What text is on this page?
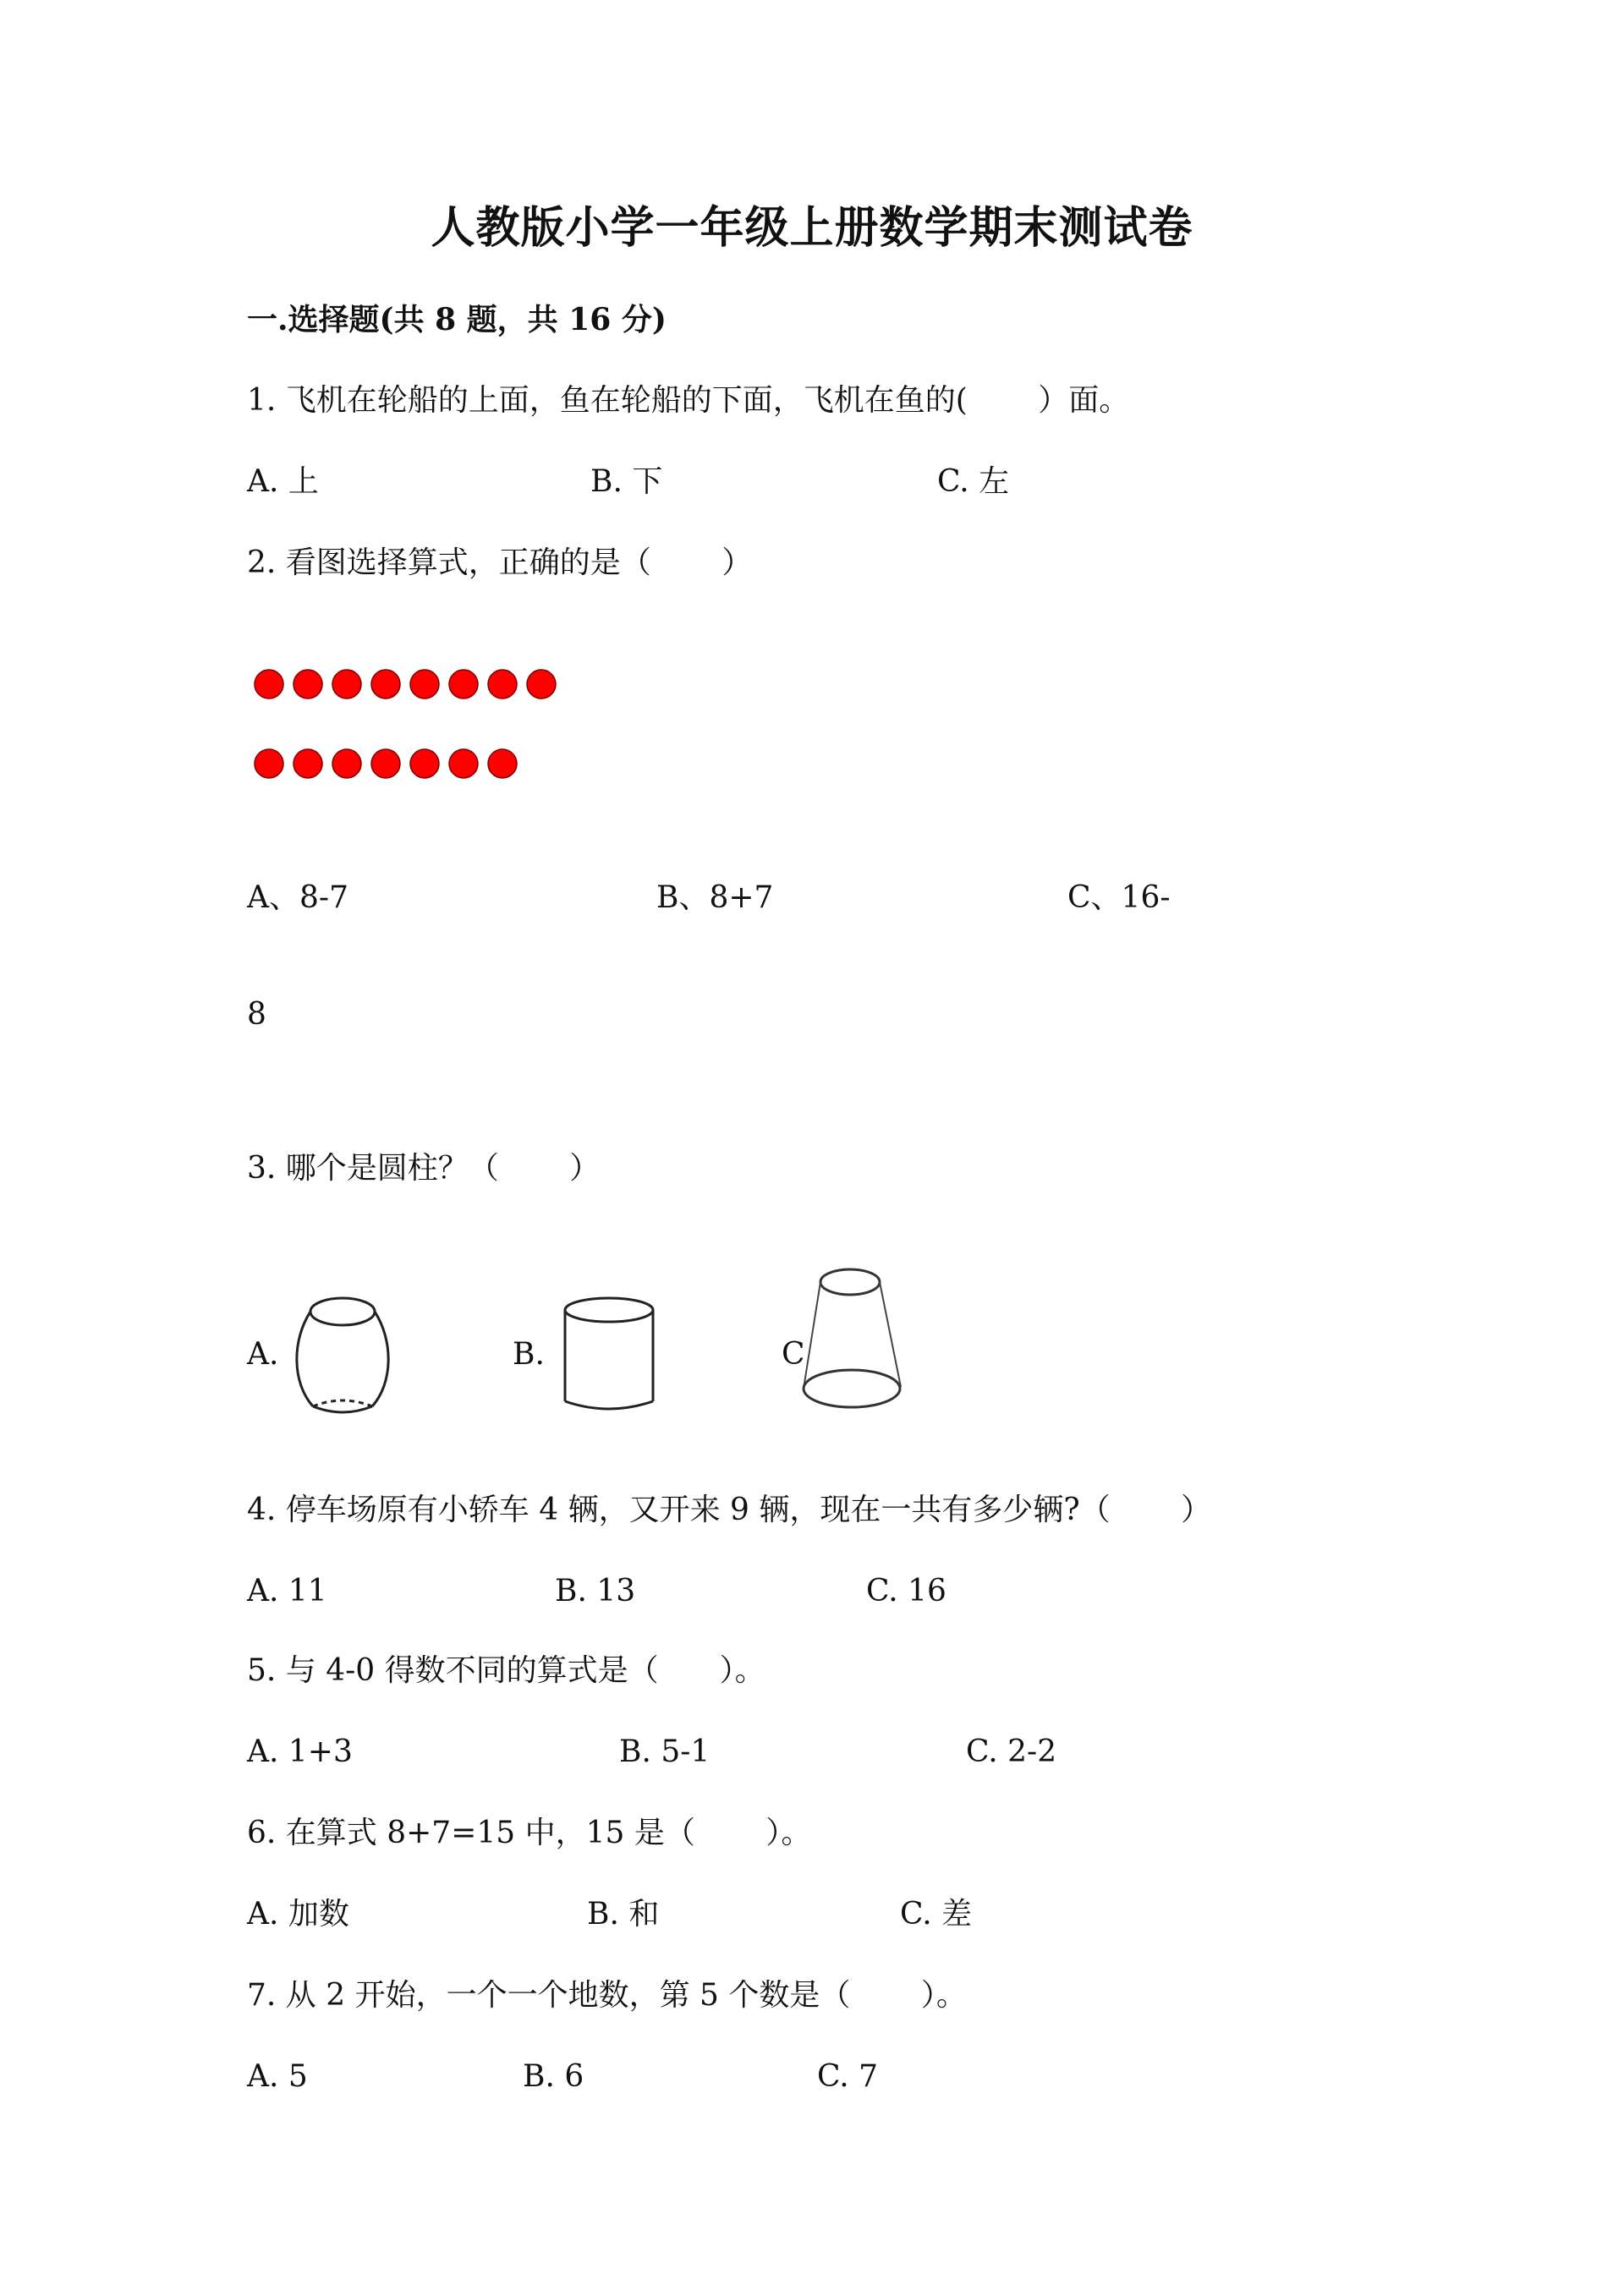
人教版小学一年级上册数学期末测试卷
一.选择题(共 8 题，共 16 分)
1. 飞机在轮船的上面，鱼在轮船的下面，飞机在鱼的(　　 ）面。
A. 上	B. 下	C. 左
2. 看图选择算式，正确的是（　　 ）
A、8-7	B、8+7	C、16-
8
3. 哪个是圆柱？（　　 ）
A.	B.	C
4. 停车场原有小轿车 4 辆，又开来 9 辆，现在一共有多少辆?（　　 ）
A. 11	B. 13	C. 16
5. 与 4-0 得数不同的算式是（　　）。
A. 1+3	B. 5-1	C. 2-2
6. 在算式 8+7=15 中，15 是（　　 ）。
A. 加数	B. 和	C. 差
7. 从 2 开始，一个一个地数，第 5 个数是（　　 ）。
A. 5	B. 6	C. 7
